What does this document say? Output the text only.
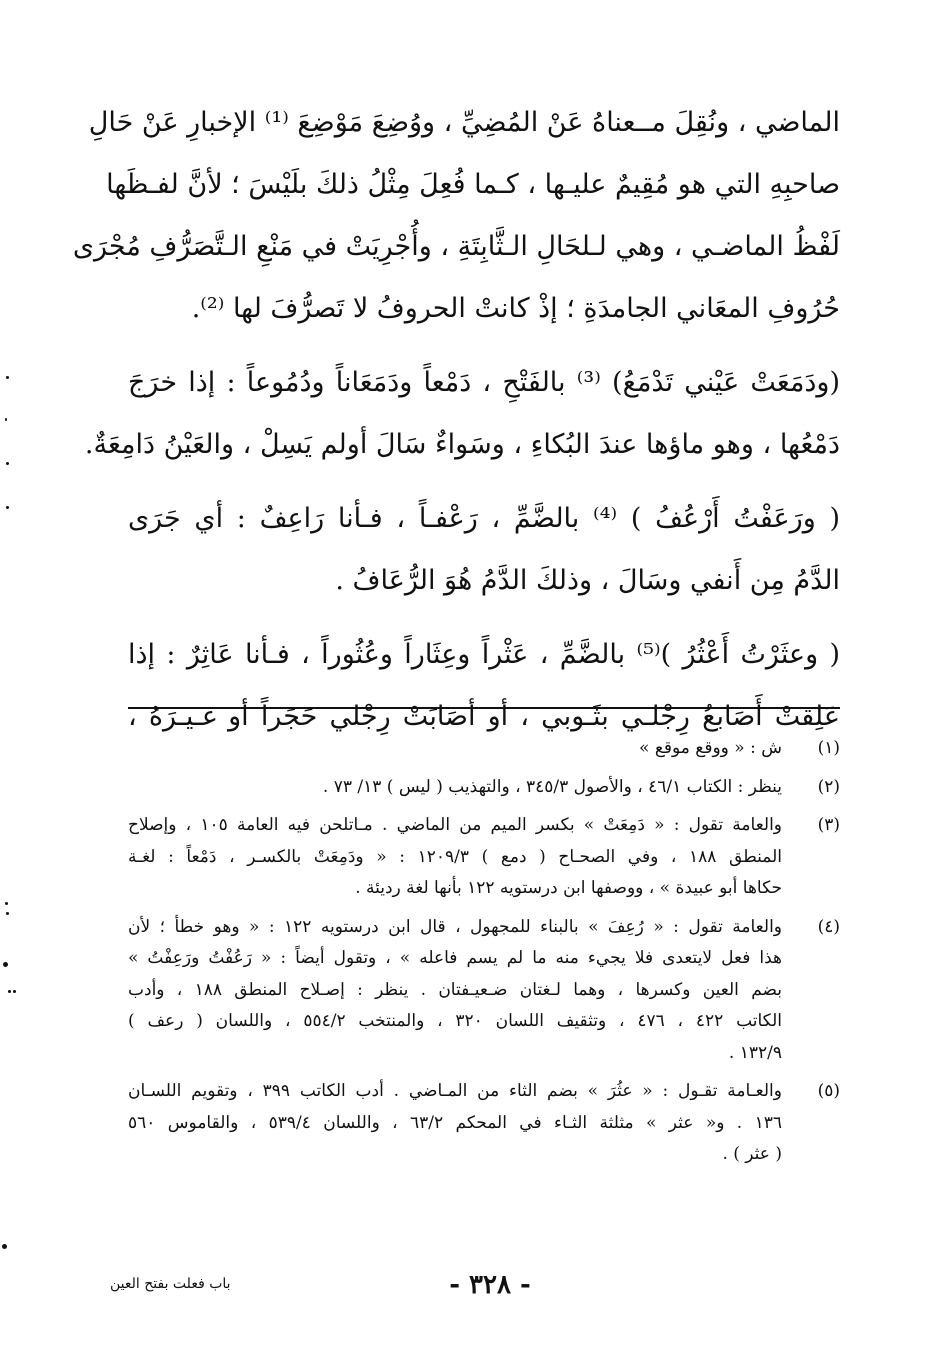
الماضي ، ونُقِلَ مــعناهُ عَنْ المُضِيِّ ، ووُضِعَ مَوْضِعَ ⁽¹⁾ الإخبارِ عَنْ حَالِ
صاحبِهِ التي هو مُقِيمٌ عليـها ، كـما فُعِلَ مِثْلُ ذلكَ بلَيْسَ ؛ لأنَّ لفـظَها
لَفْظُ الماضـي ، وهي لـلحَالِ الـثَّابِتَةِ ، وأُجْرِيَتْ في مَنْعِ الـتَّصَرُّفِ مُجْرَى
حُرُوفِ المعَاني الجامدَةِ ؛ إذْ كانتْ الحروفُ لا تَصرُّفَ لها ⁽²⁾.
(ودَمَعَتْ عَيْني تَدْمَعُ) ⁽³⁾ بالفَتْحِ ، دَمْعاً ودَمَعَاناً ودُمُوعاً : إذا خرَجَ
دَمْعُها ، وهو ماؤها عندَ البُكاءِ ، وسَواءٌ سَالَ أولم يَسِلْ ، والعَيْنُ دَامِعَةٌ.
( ورَعَفْتُ أَرْعُفُ ) ⁽⁴⁾ بالضَّمِّ ، رَعْفـاً ، فـأنا رَاعِفٌ : أي جَرَى
الدَّمُ مِن أَنفي وسَالَ ، وذلكَ الدَّمُ هُوَ الرُّعَافُ .
( وعثَرْتُ أَعْثُرُ )⁽⁵⁾ بالضَّمِّ ، عَثْراً وعِثَاراً وعُثُوراً ، فـأنا عَاثِرٌ : إذا
عَلِقتْ أَصَابعُ رِجْلـي بثَـوبي ، أو أصَابَتْ رِجْلي حَجَراً أو غـيـرَهُ ،
(١)
ش : « ووقع موقع »
(٢)
ينظر : الكتاب ٤٦/١ ، والأصول ٣٤٥/٣ ، والتهذيب ( ليس ) ١٣/ ٧٣ .
(٣)
والعامة تقول : « دَمِعَتْ » بكسر الميم من الماضي . مـاتلحن فيه العامة ١٠٥ ، وإصلاح
المنطق ١٨٨ ، وفي الصحـاح ( دمع ) ١٢٠٩/٣ : « ودَمِعَتْ بالكسـر ، دَمْعاً : لغـة
حكاها أبو عبيدة » ، ووصفها ابن درستويه ١٢٢ بأنها لغة رديئة .
(٤)
والعامة تقول : « رُعِفَ » بالبناء للمجهول ، قال ابن درستويه ١٢٢ : « وهو خطأ ؛ لأن
هذا فعل لايتعدى فلا يجيء منه ما لم يسم فاعله » ، وتقول أيضاً : « رَعُفْتُ ورَعِفْتُ »
بضم العين وكسرها ، وهما لـغتان ضـعيـفتان . ينظر : إصـلاح المنطق ١٨٨ ، وأدب
الكاتب ٤٢٢ ، ٤٧٦ ، وتثقيف اللسان ٣٢٠ ، والمنتخب ٥٥٤/٢ ، واللسان ( رعف )
١٣٢/٩ .
(٥)
والعـامة تقـول : « عثُرَ » بضم الثاء من المـاضي . أدب الكاتب ٣٩٩ ، وتقويم اللسـان
١٣٦ . و« عثر » مثلثة الثـاء في المحكم ٦٣/٢ ، واللسان ٥٣٩/٤ ، والقاموس ٥٦٠
( عثر ) .
- ٣٢٨ -
باب فعلت بفتح العين
